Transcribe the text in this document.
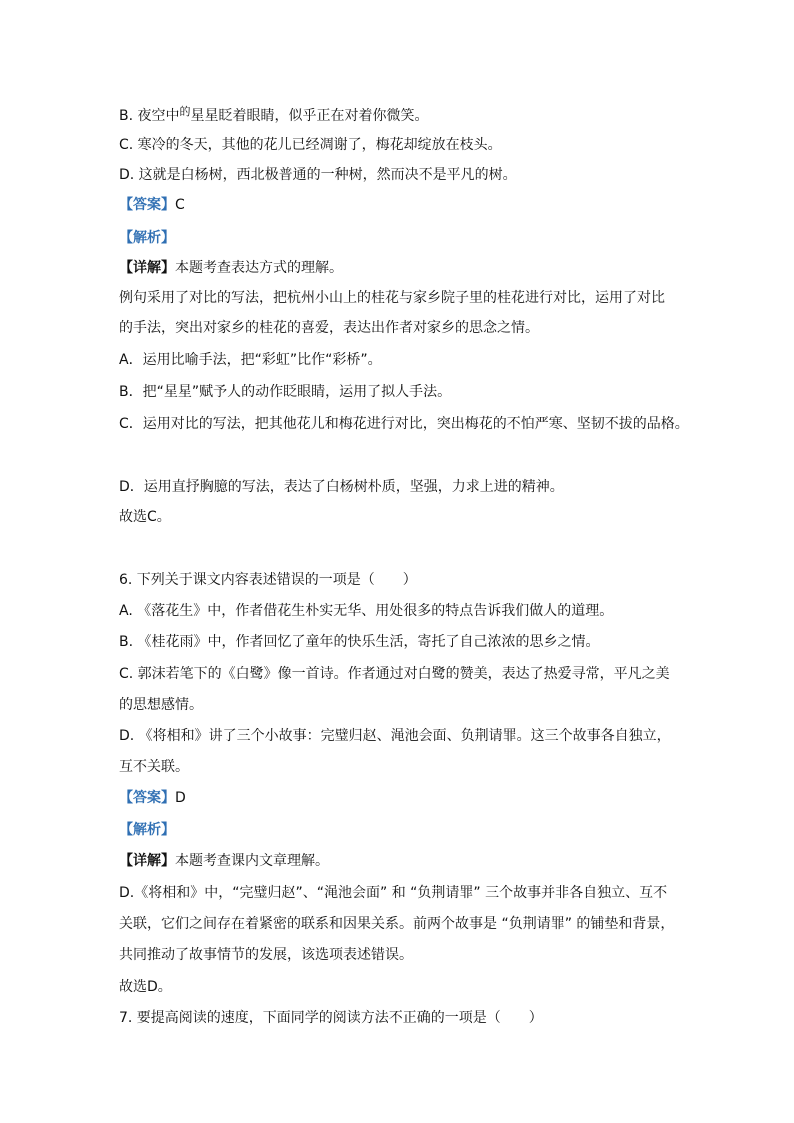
B. 夜空中$^的$星星眨着眼睛，似乎正在对着你微笑。
C. 寒冷的冬天，其他的花儿已经凋谢了，梅花却绽放在枝头。
D. 这就是白杨树，西北极普通的一种树，然而决不是平凡的树。
【答案】C
【解析】
【详解】本题考查表达方式的理解。
例句采用了对比的写法，把杭州小山上的桂花与家乡院子里的桂花进行对比，运用了对比
的手法，突出对家乡的桂花的喜爱，表达出作者对家乡的思念之情。
A．运用比喻手法，把“彩虹”比作“彩桥”。
B．把“星星”赋予人的动作眨眼睛，运用了拟人手法。
C．运用对比的写法，把其他花儿和梅花进行对比，突出梅花的不怕严寒、坚韧不拔的品格。
D．运用直抒胸臆的写法，表达了白杨树朴质，坚强，力求上进的精神。
故选C。
6. 下列关于课文内容表述错误的一项是（　　）
A. 《落花生》中，作者借花生朴实无华、用处很多的特点告诉我们做人的道理。
B. 《桂花雨》中，作者回忆了童年的快乐生活，寄托了自己浓浓的思乡之情。
C. 郭沫若笔下的《白鹭》像一首诗。作者通过对白鹭的赞美，表达了热爱寻常，平凡之美
的思想感情。
D. 《将相和》讲了三个小故事：完璧归赵、渑池会面、负荆请罪。这三个故事各自独立，
互不关联。
【答案】D
【解析】
【详解】本题考查课内文章理解。
D.《将相和》中，“完璧归赵”、“渑池会面” 和 “负荆请罪” 三个故事并非各自独立、互不
关联，它们之间存在着紧密的联系和因果关系。前两个故事是 “负荆请罪” 的铺垫和背景，
共同推动了故事情节的发展，该选项表述错误。
故选D。
7. 要提高阅读的速度，下面同学的阅读方法不正确的一项是（　　）
